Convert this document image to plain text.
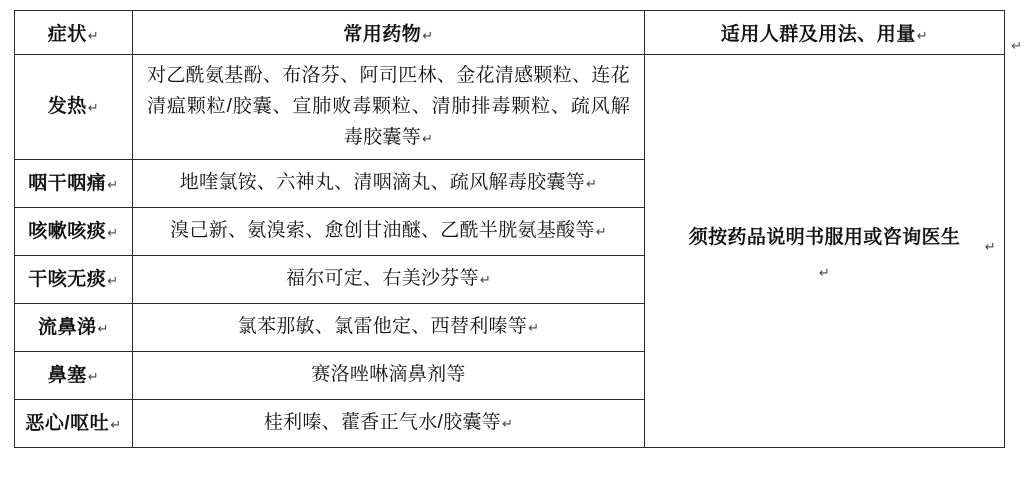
症状↵	常用药物↵	适用人群及用法、用量↵
发热↵	对乙酰氨基酚、布洛芬、阿司匹林、金花清感颗粒、连花清瘟颗粒/胶囊、宣肺败毒颗粒、清肺排毒颗粒、疏风解毒胶囊等↵	须按药品说明书服用或咨询医生 ↵
↵

咽干咽痛↵	地喹氯铵、六神丸、清咽滴丸、疏风解毒胶囊等↵	
咳嗽咳痰↵	溴己新、氨溴索、愈创甘油醚、乙酰半胱氨基酸等↵	
干咳无痰↵	福尔可定、右美沙芬等↵	
流鼻涕↵	氯苯那敏、氯雷他定、西替利嗪等↵	
鼻塞↵	赛洛唑啉滴鼻剂等	
恶心/呕吐↵	桂利嗪、藿香正气水/胶囊等↵	
↵
